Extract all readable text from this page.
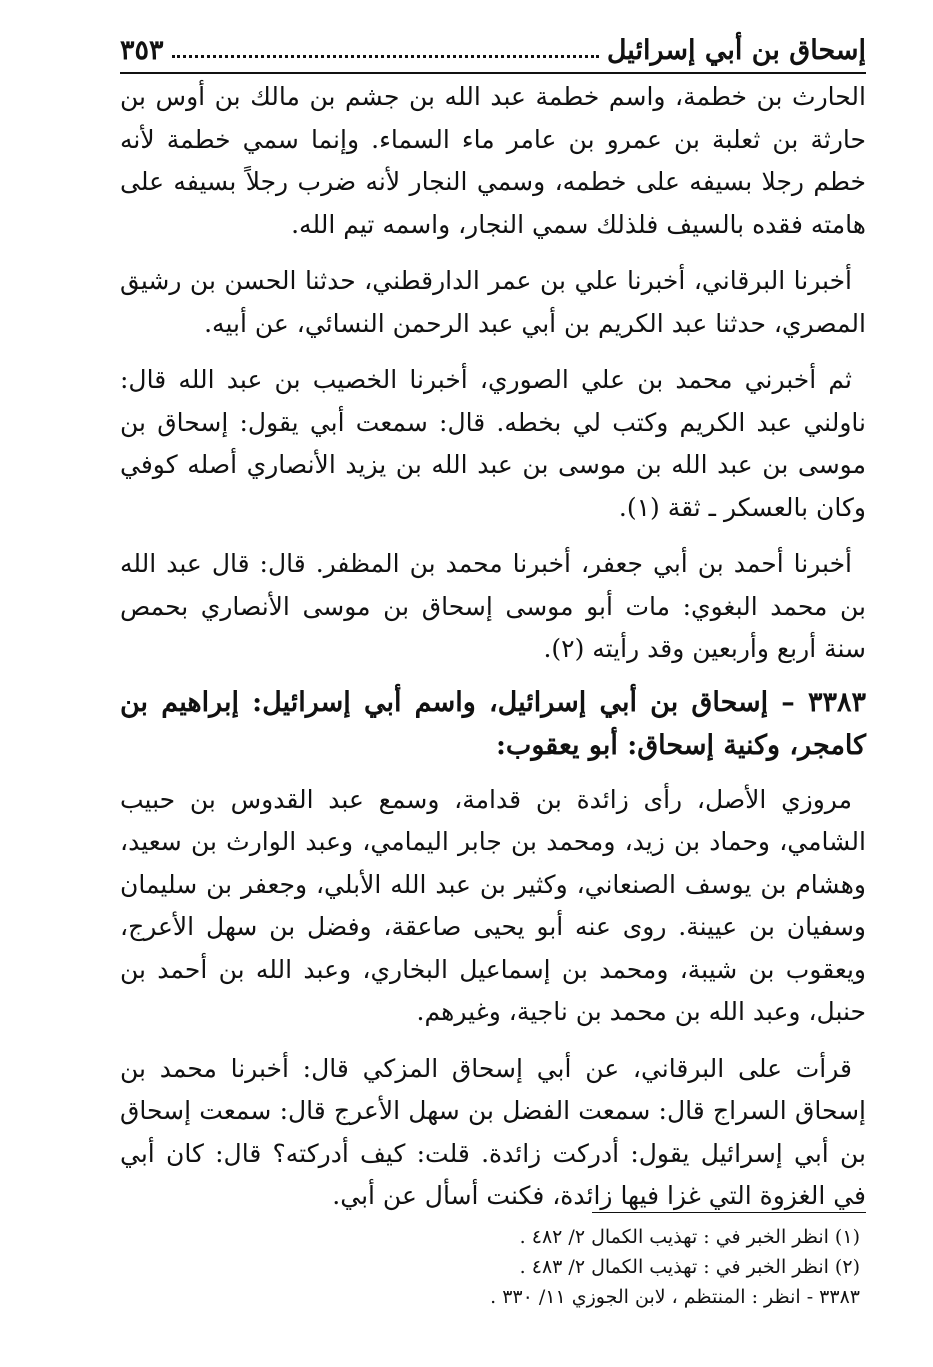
إسحاق بن أبي إسرائيل
٣٥٣

الحارث بن خطمة، واسم خطمة عبد الله بن جشم بن مالك بن أوس بن حارثة بن ثعلبة بن عمرو بن عامر ماء السماء. وإنما سمي خطمة لأنه خطم رجلا بسيفه على خطمه، وسمي النجار لأنه ضرب رجلاً بسيفه على هامته فقده بالسيف فلذلك سمي النجار، واسمه تيم الله.

أخبرنا البرقاني، أخبرنا علي بن عمر الدارقطني، حدثنا الحسن بن رشيق المصري، حدثنا عبد الكريم بن أبي عبد الرحمن النسائي، عن أبيه.

ثم أخبرني محمد بن علي الصوري، أخبرنا الخصيب بن عبد الله قال: ناولني عبد الكريم وكتب لي بخطه. قال: سمعت أبي يقول: إسحاق بن موسى بن عبد الله بن موسى بن عبد الله بن يزيد الأنصاري أصله كوفي وكان بالعسكر ـ ثقة (١).

أخبرنا أحمد بن أبي جعفر، أخبرنا محمد بن المظفر. قال: قال عبد الله بن محمد البغوي: مات أبو موسى إسحاق بن موسى الأنصاري بحمص سنة أربع وأربعين وقد رأيته (٢).

٣٣٨٣ – إسحاق بن أبي إسرائيل، واسم أبي إسرائيل: إبراهيم بن كامجر، وكنية إسحاق: أبو يعقوب:

مروزي الأصل، رأى زائدة بن قدامة، وسمع عبد القدوس بن حبيب الشامي، وحماد بن زيد، ومحمد بن جابر اليمامي، وعبد الوارث بن سعيد، وهشام بن يوسف الصنعاني، وكثير بن عبد الله الأبلي، وجعفر بن سليمان وسفيان بن عيينة. روى عنه أبو يحيى صاعقة، وفضل بن سهل الأعرج، ويعقوب بن شيبة، ومحمد بن إسماعيل البخاري، وعبد الله بن أحمد بن حنبل، وعبد الله بن محمد بن ناجية، وغيرهم.

قرأت على البرقاني، عن أبي إسحاق المزكي قال: أخبرنا محمد بن إسحاق السراج قال: سمعت الفضل بن سهل الأعرج قال: سمعت إسحاق بن أبي إسرائيل يقول: أدركت زائدة. قلت: كيف أدركته؟ قال: كان أبي في الغزوة التي غزا فيها زائدة، فكنت أسأل عن أبي.

(١) انظر الخبر في : تهذيب الكمال ٢/ ٤٨٢ .
(٢) انظر الخبر في : تهذيب الكمال ٢/ ٤٨٣ .
٣٣٨٣ - انظر : المنتظم ، لابن الجوزي ١١/ ٣٣٠ .
